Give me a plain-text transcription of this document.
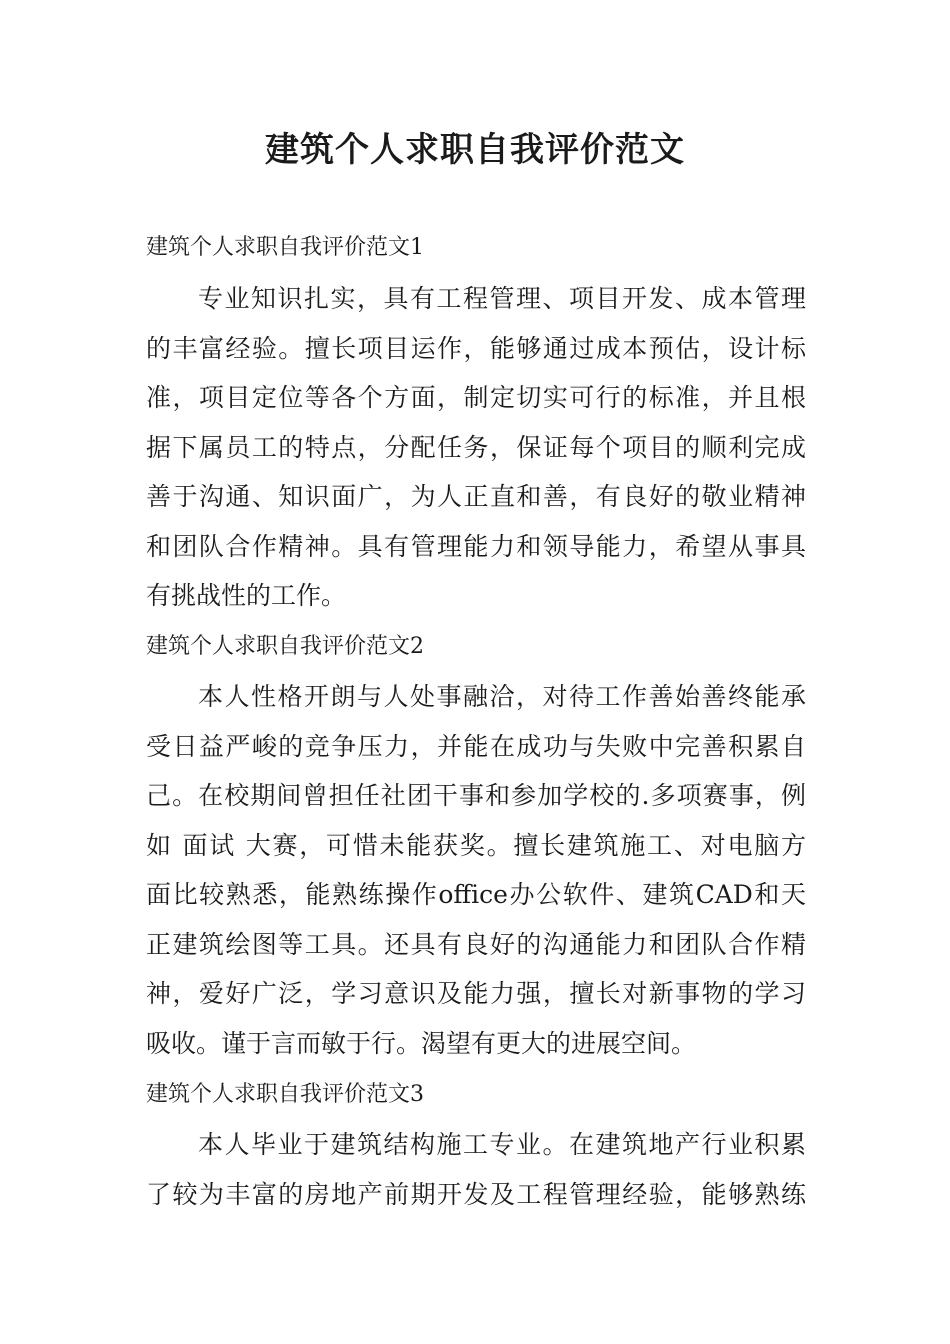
建筑个人求职自我评价范文
建筑个人求职自我评价范文1
专业知识扎实，具有工程管理、项目开发、成本管理
的丰富经验。擅长项目运作，能够通过成本预估，设计标
准，项目定位等各个方面，制定切实可行的标准，并且根
据下属员工的特点，分配任务，保证每个项目的顺利完成
善于沟通、知识面广，为人正直和善，有良好的敬业精神
和团队合作精神。具有管理能力和领导能力，希望从事具
有挑战性的工作。
建筑个人求职自我评价范文2
本人性格开朗与人处事融洽，对待工作善始善终能承
受日益严峻的竞争压力，并能在成功与失败中完善积累自
己。在校期间曾担任社团干事和参加学校的.多项赛事，例
如 面试 大赛，可惜未能获奖。擅长建筑施工、对电脑方
面比较熟悉，能熟练操作office办公软件、建筑CAD和天
正建筑绘图等工具。还具有良好的沟通能力和团队合作精
神，爱好广泛，学习意识及能力强，擅长对新事物的学习
吸收。谨于言而敏于行。渴望有更大的进展空间。
建筑个人求职自我评价范文3
本人毕业于建筑结构施工专业。在建筑地产行业积累
了较为丰富的房地产前期开发及工程管理经验，能够熟练
